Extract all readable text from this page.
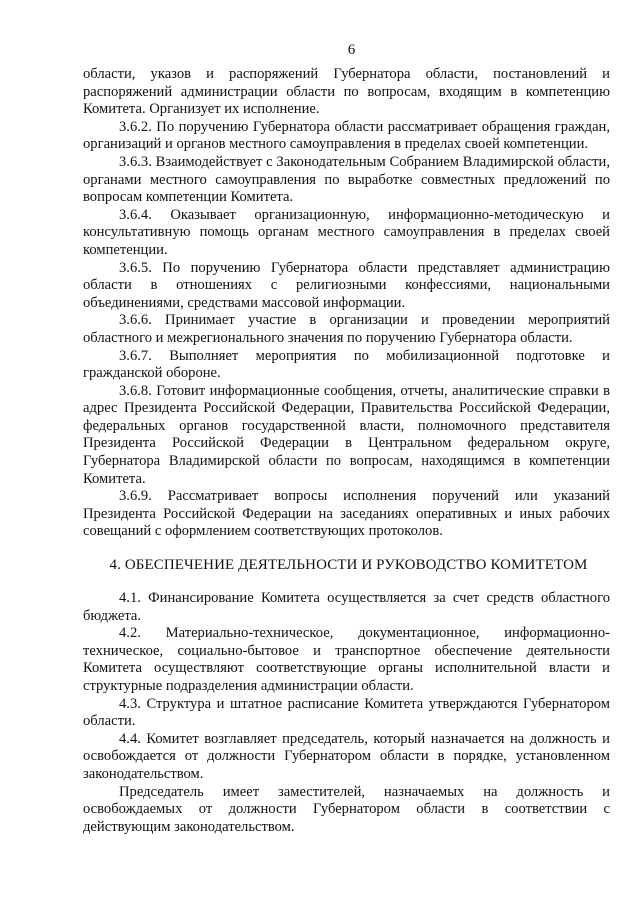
6

области, указов и распоряжений Губернатора области, постановлений и распоряжений администрации области по вопросам, входящим в компетенцию Комитета. Организует их исполнение.

3.6.2. По поручению Губернатора области рассматривает обращения граждан, организаций и органов местного самоуправления в пределах своей компетенции.

3.6.3. Взаимодействует с Законодательным Собранием Владимирской области, органами местного самоуправления по выработке совместных предложений по вопросам компетенции Комитета.

3.6.4. Оказывает организационную, информационно-методическую и консультативную помощь органам местного самоуправления в пределах своей компетенции.

3.6.5. По поручению Губернатора области представляет администрацию области в отношениях с религиозными конфессиями, национальными объединениями, средствами массовой информации.

3.6.6. Принимает участие в организации и проведении мероприятий областного и межрегионального значения по поручению Губернатора области.

3.6.7. Выполняет мероприятия по мобилизационной подготовке и гражданской обороне.

3.6.8. Готовит информационные сообщения, отчеты, аналитические справки в адрес Президента Российской Федерации, Правительства Российской Федерации, федеральных органов государственной власти, полномочного представителя Президента Российской Федерации в Центральном федеральном округе, Губернатора Владимирской области по вопросам, находящимся в компетенции Комитета.

3.6.9. Рассматривает вопросы исполнения поручений или указаний Президента Российской Федерации на заседаниях оперативных и иных рабочих совещаний с оформлением соответствующих протоколов.

4. ОБЕСПЕЧЕНИЕ ДЕЯТЕЛЬНОСТИ И РУКОВОДСТВО КОМИТЕТОМ

4.1. Финансирование Комитета осуществляется за счет средств областного бюджета.

4.2. Материально-техническое, документационное, информационно-техническое, социально-бытовое и транспортное обеспечение деятельности Комитета осуществляют соответствующие органы исполнительной власти и структурные подразделения администрации области.

4.3. Структура и штатное расписание Комитета утверждаются Губернатором области.

4.4. Комитет возглавляет председатель, который назначается на должность и освобождается от должности Губернатором области в порядке, установленном законодательством.

Председатель имеет заместителей, назначаемых на должность и освобождаемых от должности Губернатором области в соответствии с действующим законодательством.
